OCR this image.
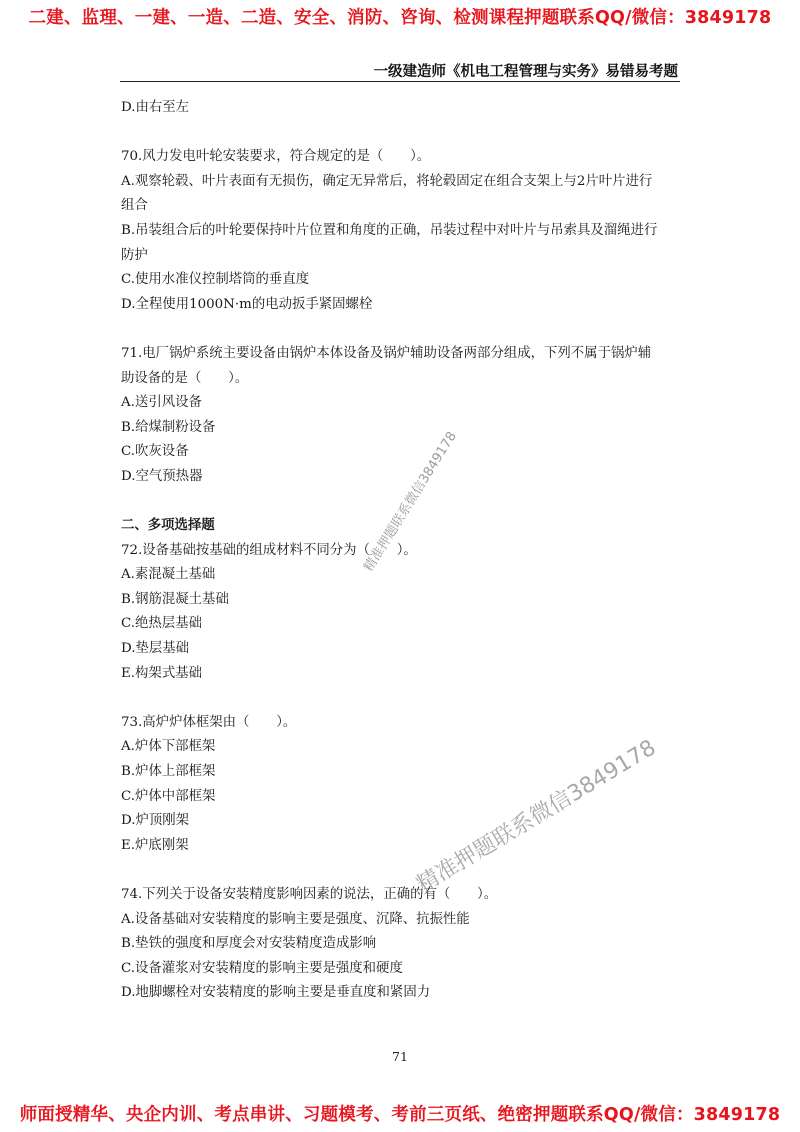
二建、监理、一建、一造、二造、安全、消防、咨询、检测课程押题联系QQ/微信：3849178
一级建造师《机电工程管理与实务》易错易考题

D.由右至左

70.风力发电叶轮安装要求，符合规定的是（　　）。

A.观察轮毂、叶片表面有无损伤，确定无异常后，将轮毂固定在组合支架上与2片叶片进行

组合

B.吊装组合后的叶轮要保持叶片位置和角度的正确，吊装过程中对叶片与吊索具及溜绳进行

防护

C.使用水准仪控制塔筒的垂直度

D.全程使用1000N·m的电动扳手紧固螺栓

71.电厂锅炉系统主要设备由锅炉本体设备及锅炉辅助设备两部分组成，下列不属于锅炉辅

助设备的是（　　）。

A.送引风设备

B.给煤制粉设备

C.吹灰设备

D.空气预热器

二、多项选择题

72.设备基础按基础的组成材料不同分为（　　）。

A.素混凝土基础

B.钢筋混凝土基础

C.绝热层基础

D.垫层基础

E.构架式基础

73.高炉炉体框架由（　　）。

A.炉体下部框架

B.炉体上部框架

C.炉体中部框架

D.炉顶刚架

E.炉底刚架

74.下列关于设备安装精度影响因素的说法，正确的有（　　）。

A.设备基础对安装精度的影响主要是强度、沉降、抗振性能

B.垫铁的强度和厚度会对安装精度造成影响

C.设备灌浆对安装精度的影响主要是强度和硬度

D.地脚螺栓对安装精度的影响主要是垂直度和紧固力

精准押题联系微信3849178
精准押题联系微信3849178
71
师面授精华、央企内训、考点串讲、习题模考、考前三页纸、绝密押题联系QQ/微信：3849178
